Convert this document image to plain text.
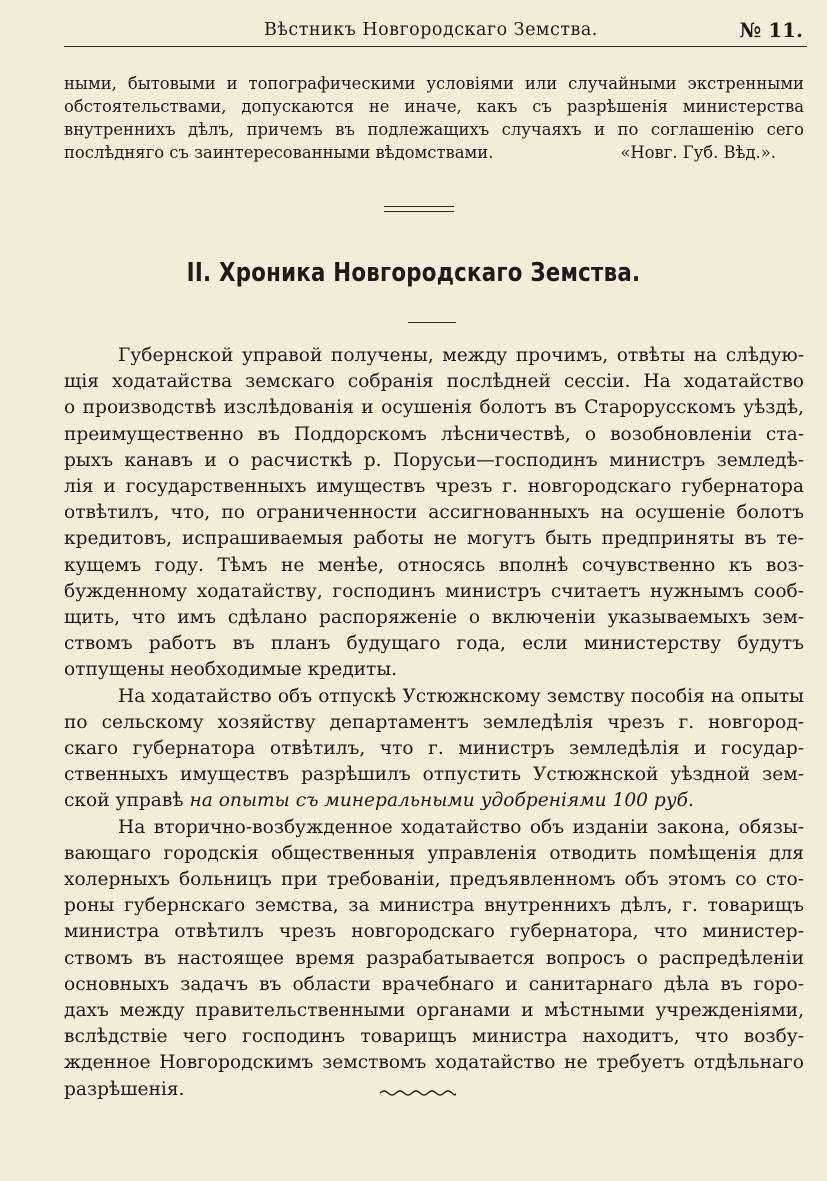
Вѣстникъ Новгородскаго Земства.	№ 11.
ными, бытовыми и топографическими условіями или случайными экстренными
обстоятельствами, допускаются не иначе, какъ съ разрѣшенія министерства
внутреннихъ дѣлъ, причемъ въ подлежащихъ случаяхъ и по соглашенію сего
послѣдняго съ заинтересованными вѣдомствами.	«Новг. Губ. Вѣд.».
II. Хроника Новгородскаго Земства.
Губернской управой получены, между прочимъ, отвѣты на слѣдую-
щія ходатайства земскаго собранія послѣдней сессіи. На ходатайство
о производствѣ изслѣдованія и осушенія болотъ въ Старорусскомъ уѣздѣ,
преимущественно въ Поддорскомъ лѣсничествѣ, о возобновленіи ста-
рыхъ канавъ и о расчисткѣ р. Порусьи—господинъ министръ земледѣ-
лія и государственныхъ имуществъ чрезъ г. новгородскаго губернатора
отвѣтилъ, что, по ограниченности ассигнованныхъ на осушеніе болотъ
кредитовъ, испрашиваемыя работы не могутъ быть предприняты въ те-
кущемъ году. Тѣмъ не менѣе, относясь вполнѣ сочувственно къ воз-
бужденному ходатайству, господинъ министръ считаетъ нужнымъ сооб-
щить, что имъ сдѣлано распоряженіе о включеніи указываемыхъ зем-
ствомъ работъ въ планъ будущаго года, если министерству будутъ
отпущены необходимые кредиты.
На ходатайство объ отпускѣ Устюжнскому земству пособія на опыты
по сельскому хозяйству департаментъ земледѣлія чрезъ г. новгород-
скаго губернатора отвѣтилъ, что г. министръ земледѣлія и государ-
ственныхъ имуществъ разрѣшилъ отпустить Устюжнской уѣздной зем-
ской управѣ на опыты съ минеральными удобреніями 100 руб.
На вторично-возбужденное ходатайство объ изданіи закона, обязы-
вающаго городскія общественныя управленія отводить помѣщенія для
холерныхъ больницъ при требованіи, предъявленномъ объ этомъ со сто-
роны губернскаго земства, за министра внутреннихъ дѣлъ, г. товарищъ
министра отвѣтилъ чрезъ новгородскаго губернатора, что министер-
ствомъ въ настоящее время разрабатывается вопросъ о распредѣленіи
основныхъ задачъ въ области врачебнаго и санитарнаго дѣла въ горо-
дахъ между правительственными органами и мѣстными учрежденіями,
вслѣдствіе чего господинъ товарищъ министра находитъ, что возбу-
жденное Новгородскимъ земствомъ ходатайство не требуетъ отдѣльнаго
разрѣшенія.
